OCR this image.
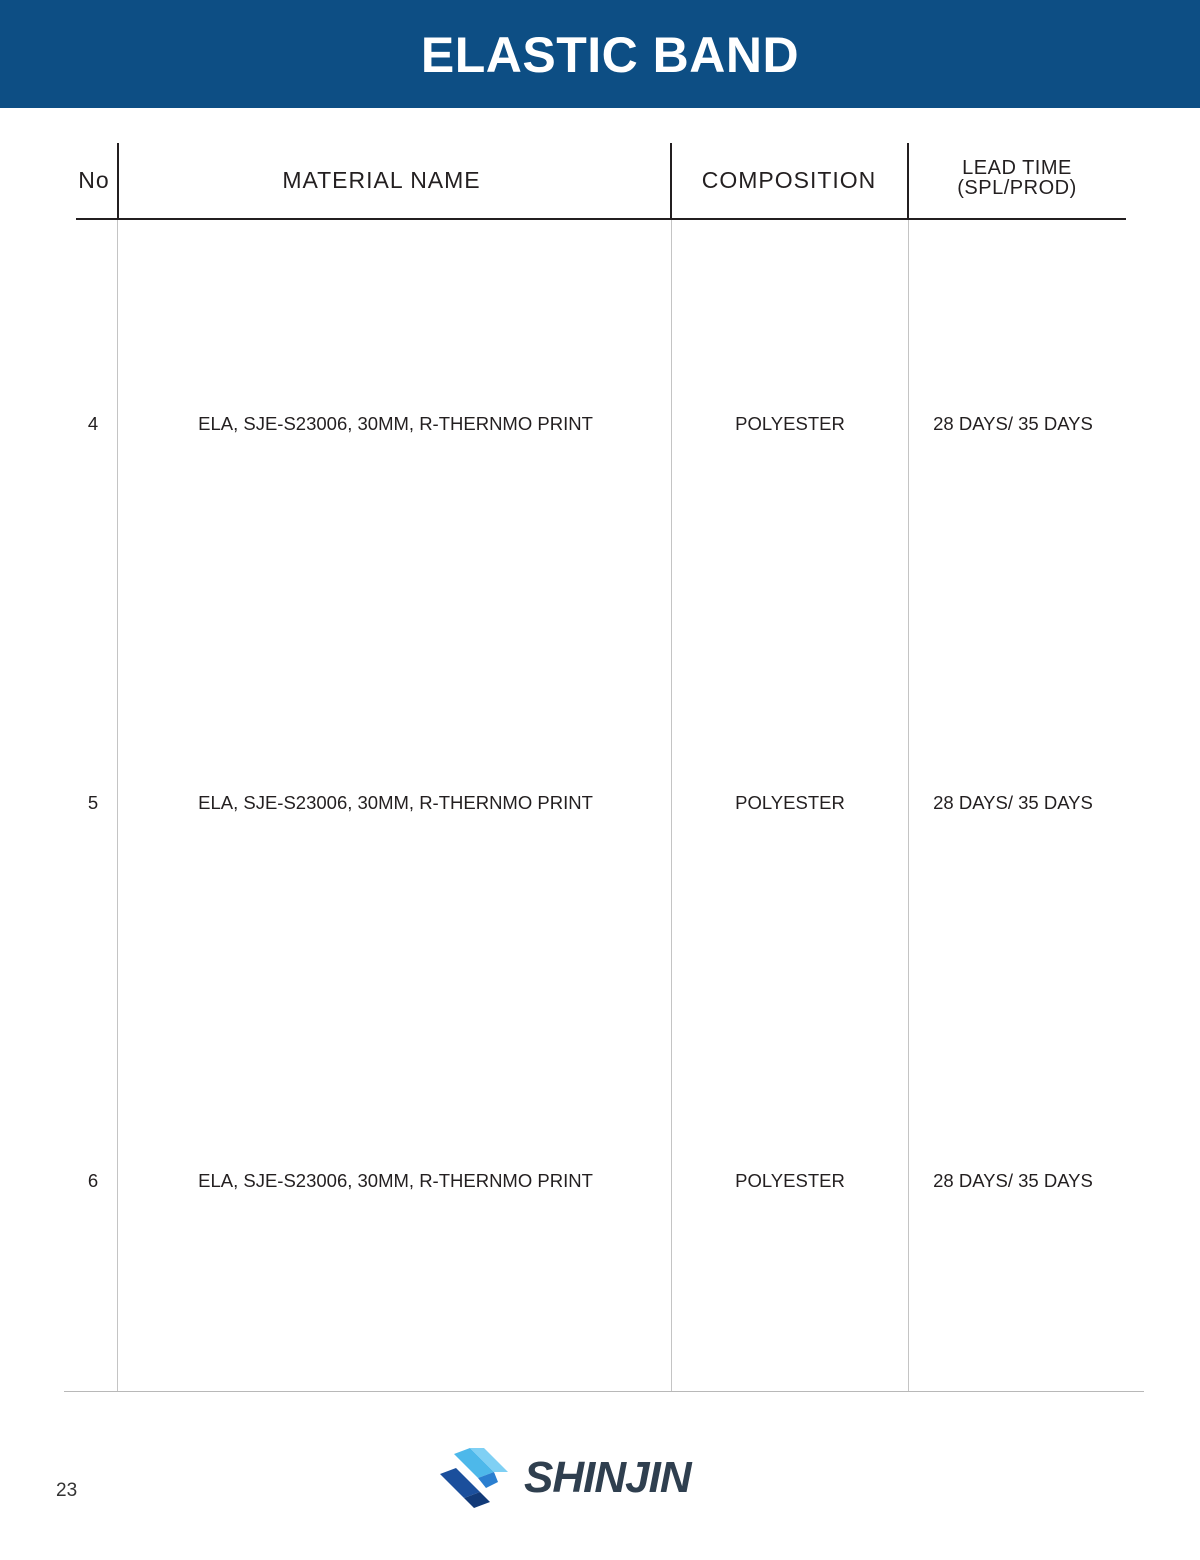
ELASTIC BAND
No	MATERIAL NAME	COMPOSITION	LEAD TIME
(SPL/PROD)
4	ELA, SJE-S23006, 30MM, R-THERNMO PRINT	POLYESTER	28 DAYS/ 35 DAYS
5	ELA, SJE-S23006, 30MM, R-THERNMO PRINT	POLYESTER	28 DAYS/ 35 DAYS
6	ELA, SJE-S23006, 30MM, R-THERNMO PRINT	POLYESTER	28 DAYS/ 35 DAYS
23	SHINJIN
